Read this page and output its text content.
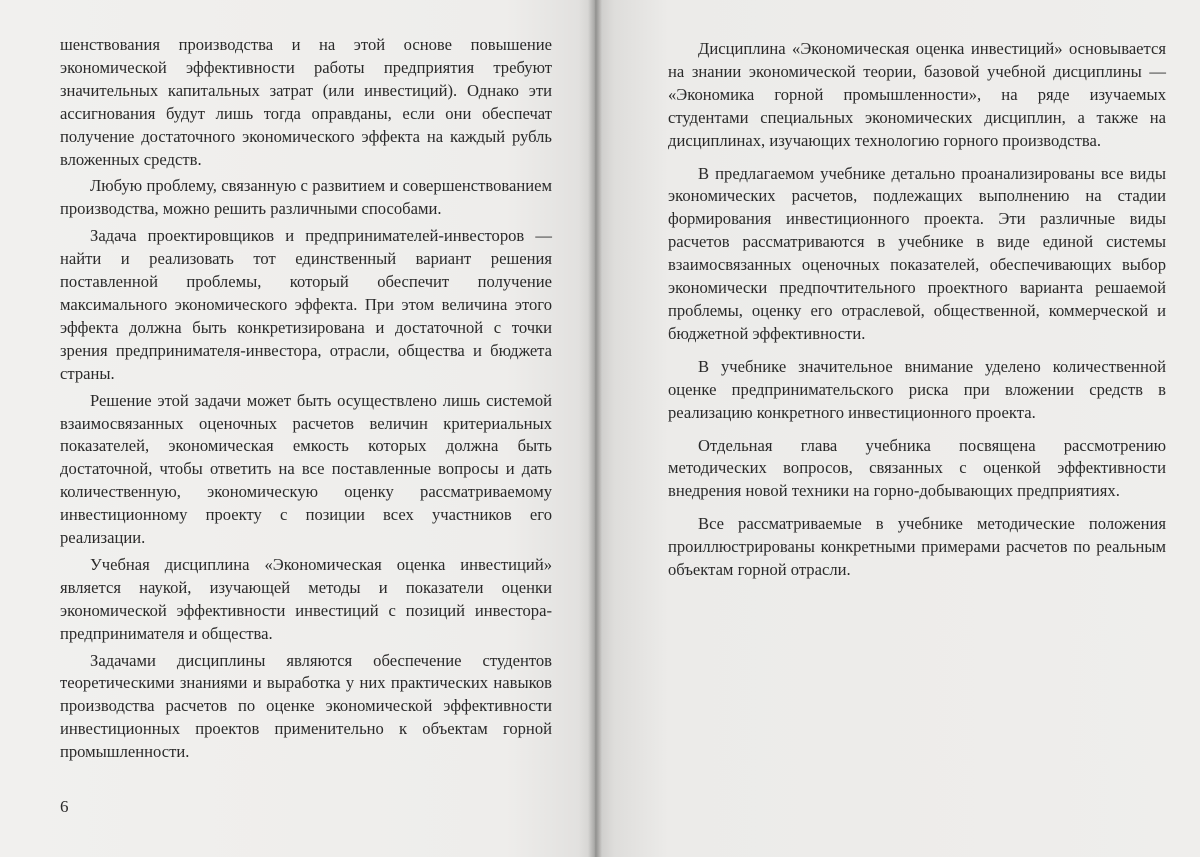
шенствования производства и на этой основе повышение экономической эффективности работы предприятия требуют значительных капитальных затрат (или инвестиций). Однако эти ассигнования будут лишь тогда оправданы, если они обеспечат получение достаточного экономического эффекта на каждый рубль вложенных средств.

Любую проблему, связанную с развитием и совершенствованием производства, можно решить различными способами.

Задача проектировщиков и предпринимателей-инвесторов — найти и реализовать тот единственный вариант решения поставленной проблемы, который обеспечит получение максимального экономического эффекта. При этом величина этого эффекта должна быть конкретизирована и достаточной с точки зрения предпринимателя-инвестора, отрасли, общества и бюджета страны.

Решение этой задачи может быть осуществлено лишь системой взаимосвязанных оценочных расчетов величин критериальных показателей, экономическая емкость которых должна быть достаточной, чтобы ответить на все поставленные вопросы и дать количественную, экономическую оценку рассматриваемому инвестиционному проекту с позиции всех участников его реализации.

Учебная дисциплина «Экономическая оценка инвестиций» является наукой, изучающей методы и показатели оценки экономической эффективности инвестиций с позиций инвестора-предпринимателя и общества.

Задачами дисциплины являются обеспечение студентов теоретическими знаниями и выработка у них практических навыков производства расчетов по оценке экономической эффективности инвестиционных проектов применительно к объектам горной промышленности.

6

Дисциплина «Экономическая оценка инвестиций» основывается на знании экономической теории, базовой учебной дисциплины — «Экономика горной промышленности», на ряде изучаемых студентами специальных экономических дисциплин, а также на дисциплинах, изучающих технологию горного производства.

В предлагаемом учебнике детально проанализированы все виды экономических расчетов, подлежащих выполнению на стадии формирования инвестиционного проекта. Эти различные виды расчетов рассматриваются в учебнике в виде единой системы взаимосвязанных оценочных показателей, обеспечивающих выбор экономически предпочтительного проектного варианта решаемой проблемы, оценку его отраслевой, общественной, коммерческой и бюджетной эффективности.

В учебнике значительное внимание уделено количественной оценке предпринимательского риска при вложении средств в реализацию конкретного инвестиционного проекта.

Отдельная глава учебника посвящена рассмотрению методических вопросов, связанных с оценкой эффективности внедрения новой техники на горно-добывающих предприятиях.

Все рассматриваемые в учебнике методические положения проиллюстрированы конкретными примерами расчетов по реальным объектам горной отрасли.
